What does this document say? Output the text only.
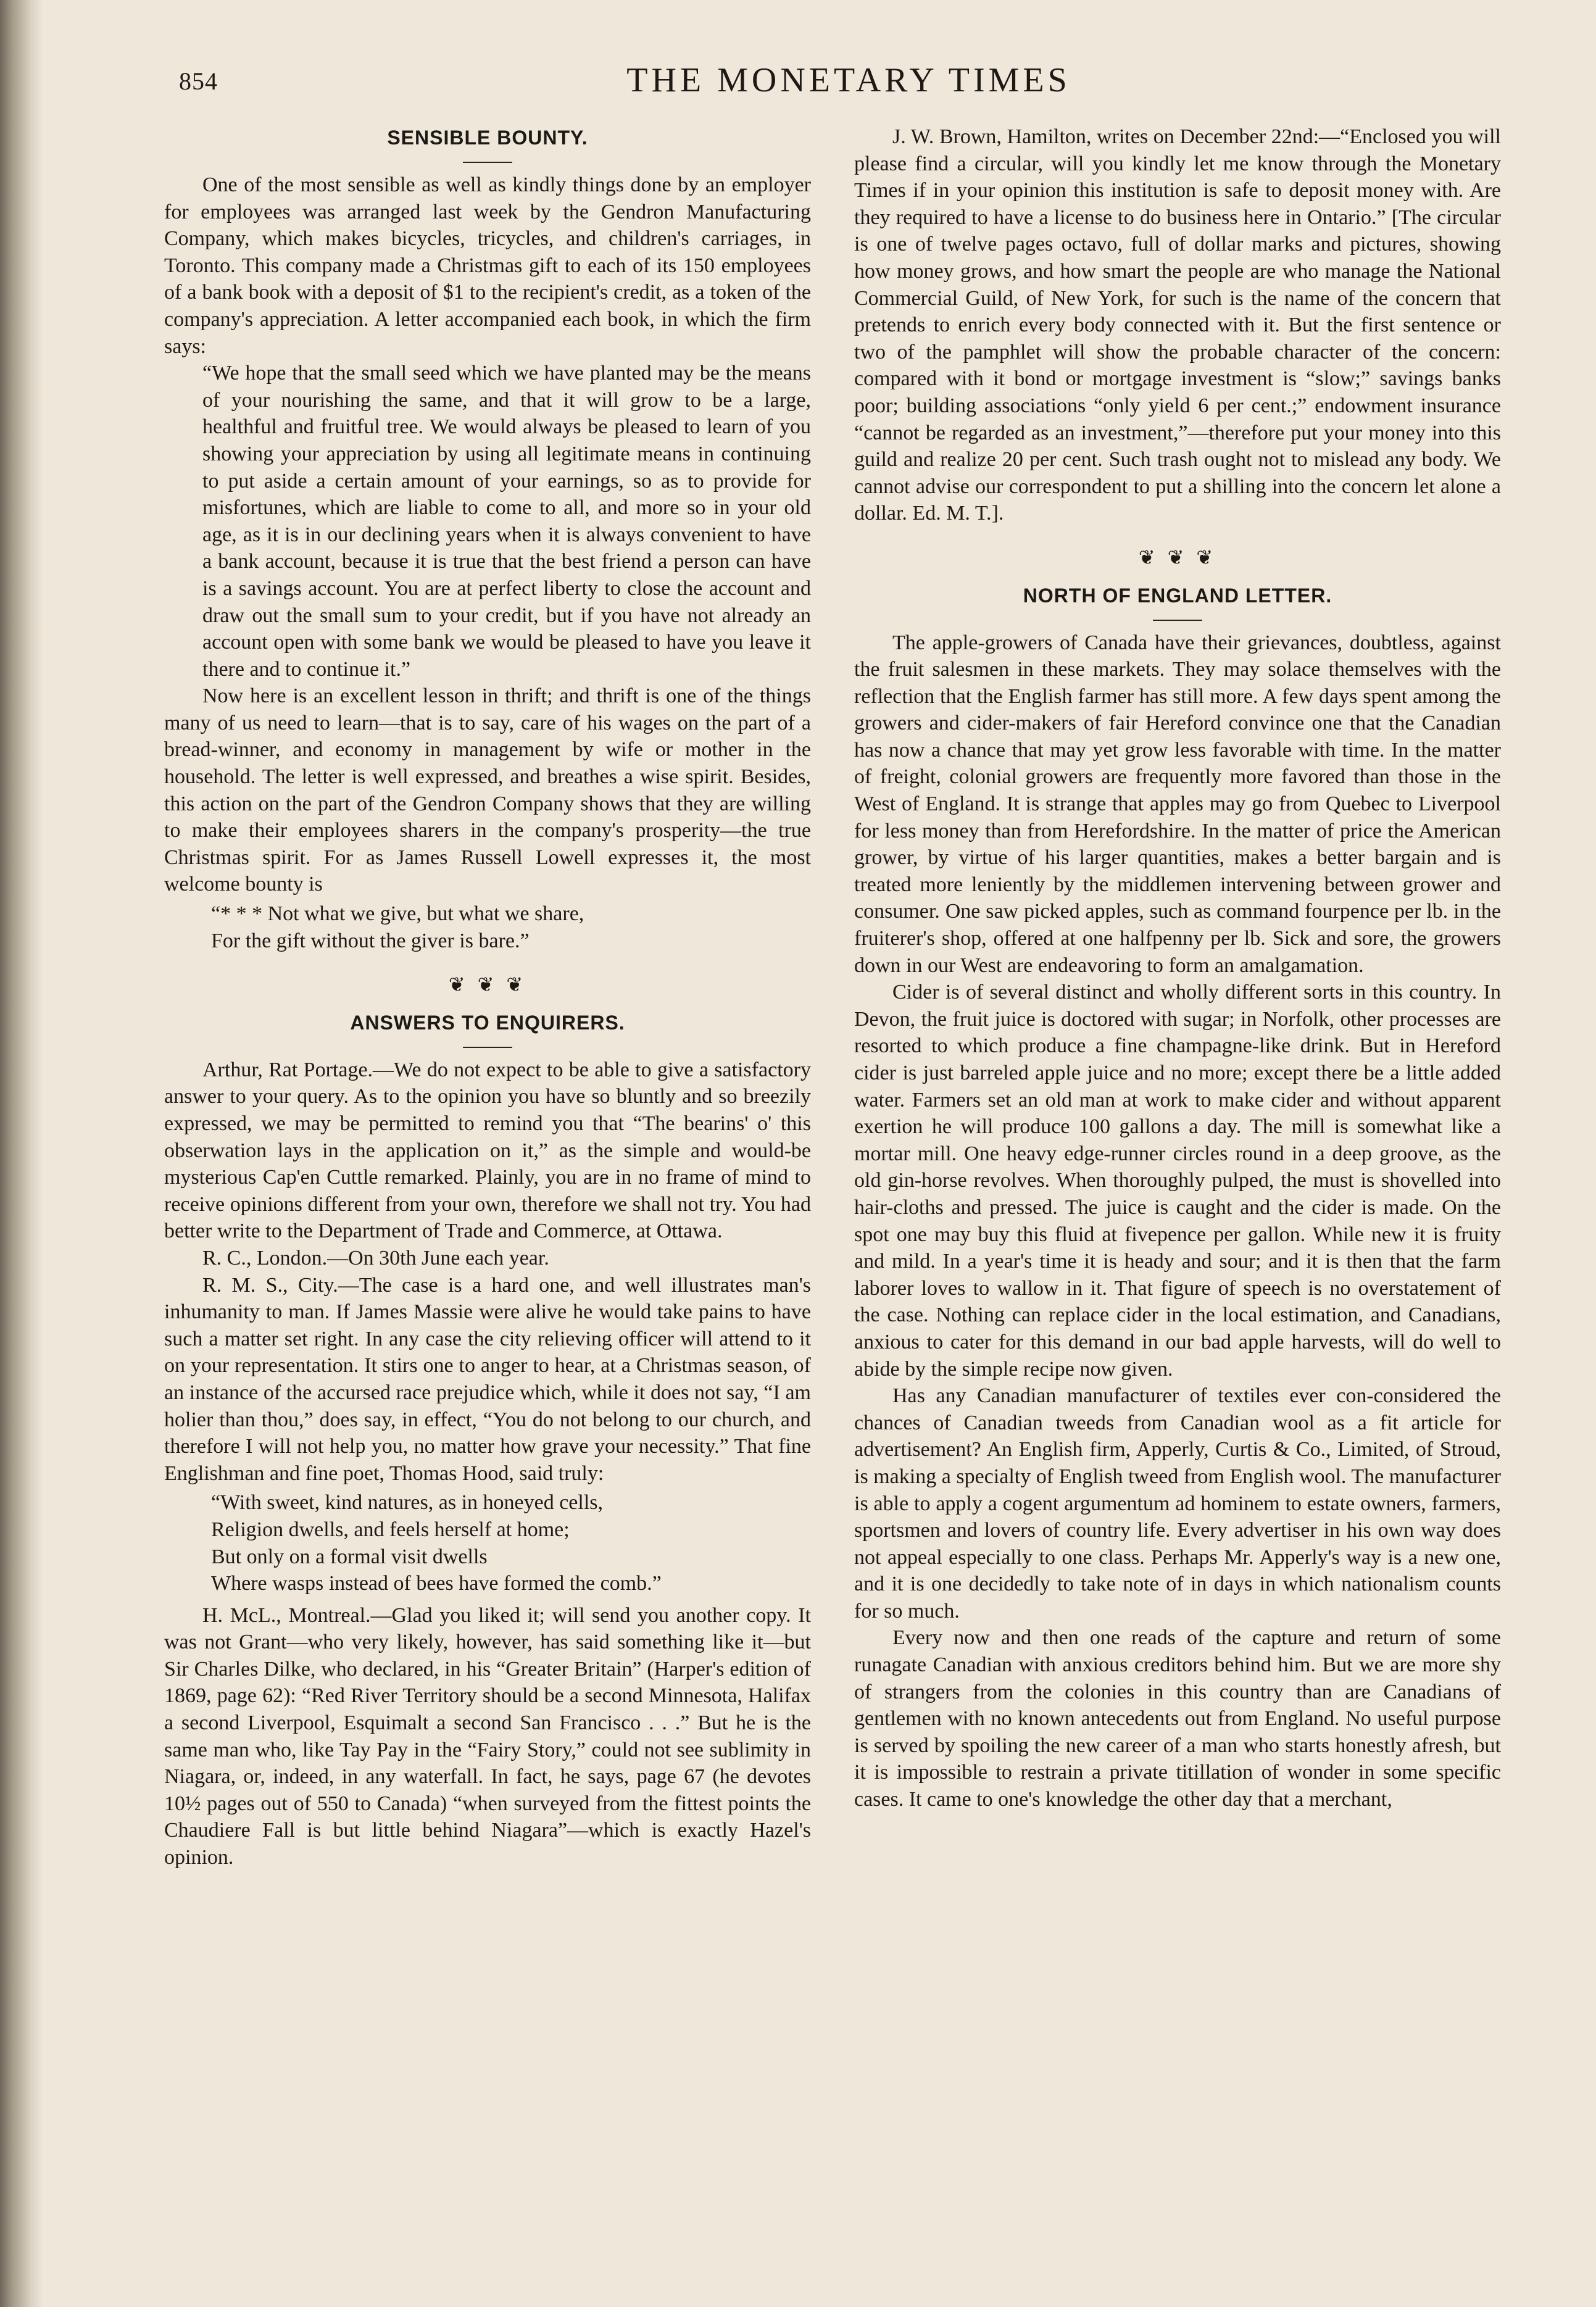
854	THE MONETARY TIMES
SENSIBLE BOUNTY.

One of the most sensible as well as kindly things done by an employer for employees was arranged last week by the Gendron Manufacturing Company, which makes bicycles, tricycles, and children's carriages, in Toronto. This company made a Christmas gift to each of its 150 employees of a bank book with a deposit of $1 to the recipient's credit, as a token of the company's appreciation. A letter accompanied each book, in which the firm says:

“We hope that the small seed which we have planted may be the means of your nourishing the same, and that it will grow to be a large, healthful and fruitful tree. We would always be pleased to learn of you showing your appreciation by using all legitimate means in continuing to put aside a certain amount of your earnings, so as to provide for misfortunes, which are liable to come to all, and more so in your old age, as it is in our declining years when it is always convenient to have a bank account, because it is true that the best friend a person can have is a savings account. You are at perfect liberty to close the account and draw out the small sum to your credit, but if you have not already an account open with some bank we would be pleased to have you leave it there and to continue it.”

Now here is an excellent lesson in thrift; and thrift is one of the things many of us need to learn—that is to say, care of his wages on the part of a bread-winner, and economy in management by wife or mother in the household. The letter is well expressed, and breathes a wise spirit. Besides, this action on the part of the Gendron Company shows that they are willing to make their employees sharers in the company's prosperity—the true Christmas spirit. For as James Russell Lowell expresses it, the most welcome bounty is

“* * * Not what we give, but what we share,
For the gift without the giver is bare.”
❦ ❦ ❦
ANSWERS TO ENQUIRERS.

Arthur, Rat Portage.—We do not expect to be able to give a satisfactory answer to your query. As to the opinion you have so bluntly and so breezily expressed, we may be permitted to remind you that “The bearins' o' this obserwation lays in the application on it,” as the simple and would-be mysterious Cap'en Cuttle remarked. Plainly, you are in no frame of mind to receive opinions different from your own, therefore we shall not try. You had better write to the Department of Trade and Commerce, at Ottawa.

R. C., London.—On 30th June each year.

R. M. S., City.—The case is a hard one, and well illustrates man's inhumanity to man. If James Massie were alive he would take pains to have such a matter set right. In any case the city relieving officer will attend to it on your representation. It stirs one to anger to hear, at a Christmas season, of an instance of the accursed race prejudice which, while it does not say, “I am holier than thou,” does say, in effect, “You do not belong to our church, and therefore I will not help you, no matter how grave your necessity.” That fine Englishman and fine poet, Thomas Hood, said truly:

“With sweet, kind natures, as in honeyed cells,
Religion dwells, and feels herself at home;
But only on a formal visit dwells
Where wasps instead of bees have formed the comb.”

H. McL., Montreal.—Glad you liked it; will send you another copy. It was not Grant—who very likely, however, has said something like it—but Sir Charles Dilke, who declared, in his “Greater Britain” (Harper's edition of 1869, page 62): “Red River Territory should be a second Minnesota, Halifax a second Liverpool, Esquimalt a second San Francisco . . .” But he is the same man who, like Tay Pay in the “Fairy Story,” could not see sublimity in Niagara, or, indeed, in any waterfall. In fact, he says, page 67 (he devotes 10½ pages out of 550 to Canada) “when surveyed from the fittest points the Chaudiere Fall is but little behind Niagara”—which is exactly Hazel's opinion.

J. W. Brown, Hamilton, writes on December 22nd:—“Enclosed you will please find a circular, will you kindly let me know through the Monetary Times if in your opinion this institution is safe to deposit money with. Are they required to have a license to do business here in Ontario.” [The circular is one of twelve pages octavo, full of dollar marks and pictures, showing how money grows, and how smart the people are who manage the National Commercial Guild, of New York, for such is the name of the concern that pretends to enrich every body connected with it. But the first sentence or two of the pamphlet will show the probable character of the concern: compared with it bond or mortgage investment is “slow;” savings banks poor; building associations “only yield 6 per cent.;” endowment insurance “cannot be regarded as an investment,”—therefore put your money into this guild and realize 20 per cent. Such trash ought not to mislead any body. We cannot advise our correspondent to put a shilling into the concern let alone a dollar. Ed. M. T.].

❦ ❦ ❦
NORTH OF ENGLAND LETTER.

The apple-growers of Canada have their grievances, doubtless, against the fruit salesmen in these markets. They may solace themselves with the reflection that the English farmer has still more. A few days spent among the growers and cider-makers of fair Hereford convince one that the Canadian has now a chance that may yet grow less favorable with time. In the matter of freight, colonial growers are frequently more favored than those in the West of England. It is strange that apples may go from Quebec to Liverpool for less money than from Herefordshire. In the matter of price the American grower, by virtue of his larger quantities, makes a better bargain and is treated more leniently by the middlemen intervening between grower and consumer. One saw picked apples, such as command fourpence per lb. in the fruiterer's shop, offered at one halfpenny per lb. Sick and sore, the growers down in our West are endeavoring to form an amalgamation.

Cider is of several distinct and wholly different sorts in this country. In Devon, the fruit juice is doctored with sugar; in Norfolk, other processes are resorted to which produce a fine champagne-like drink. But in Hereford cider is just barreled apple juice and no more; except there be a little added water. Farmers set an old man at work to make cider and without apparent exertion he will produce 100 gallons a day. The mill is somewhat like a mortar mill. One heavy edge-runner circles round in a deep groove, as the old gin-horse revolves. When thoroughly pulped, the must is shovelled into hair-cloths and pressed. The juice is caught and the cider is made. On the spot one may buy this fluid at fivepence per gallon. While new it is fruity and mild. In a year's time it is heady and sour; and it is then that the farm laborer loves to wallow in it. That figure of speech is no overstatement of the case. Nothing can replace cider in the local estimation, and Canadians, anxious to cater for this demand in our bad apple harvests, will do well to abide by the simple recipe now given.

Has any Canadian manufacturer of textiles ever con-considered the chances of Canadian tweeds from Canadian wool as a fit article for advertisement? An English firm, Apperly, Curtis & Co., Limited, of Stroud, is making a specialty of English tweed from English wool. The manufacturer is able to apply a cogent argumentum ad hominem to estate owners, farmers, sportsmen and lovers of country life. Every advertiser in his own way does not appeal especially to one class. Perhaps Mr. Apperly's way is a new one, and it is one decidedly to take note of in days in which nationalism counts for so much.

Every now and then one reads of the capture and return of some runagate Canadian with anxious creditors behind him. But we are more shy of strangers from the colonies in this country than are Canadians of gentlemen with no known antecedents out from England. No useful purpose is served by spoiling the new career of a man who starts honestly afresh, but it is impossible to restrain a private titillation of wonder in some specific cases. It came to one's knowledge the other day that a merchant,
